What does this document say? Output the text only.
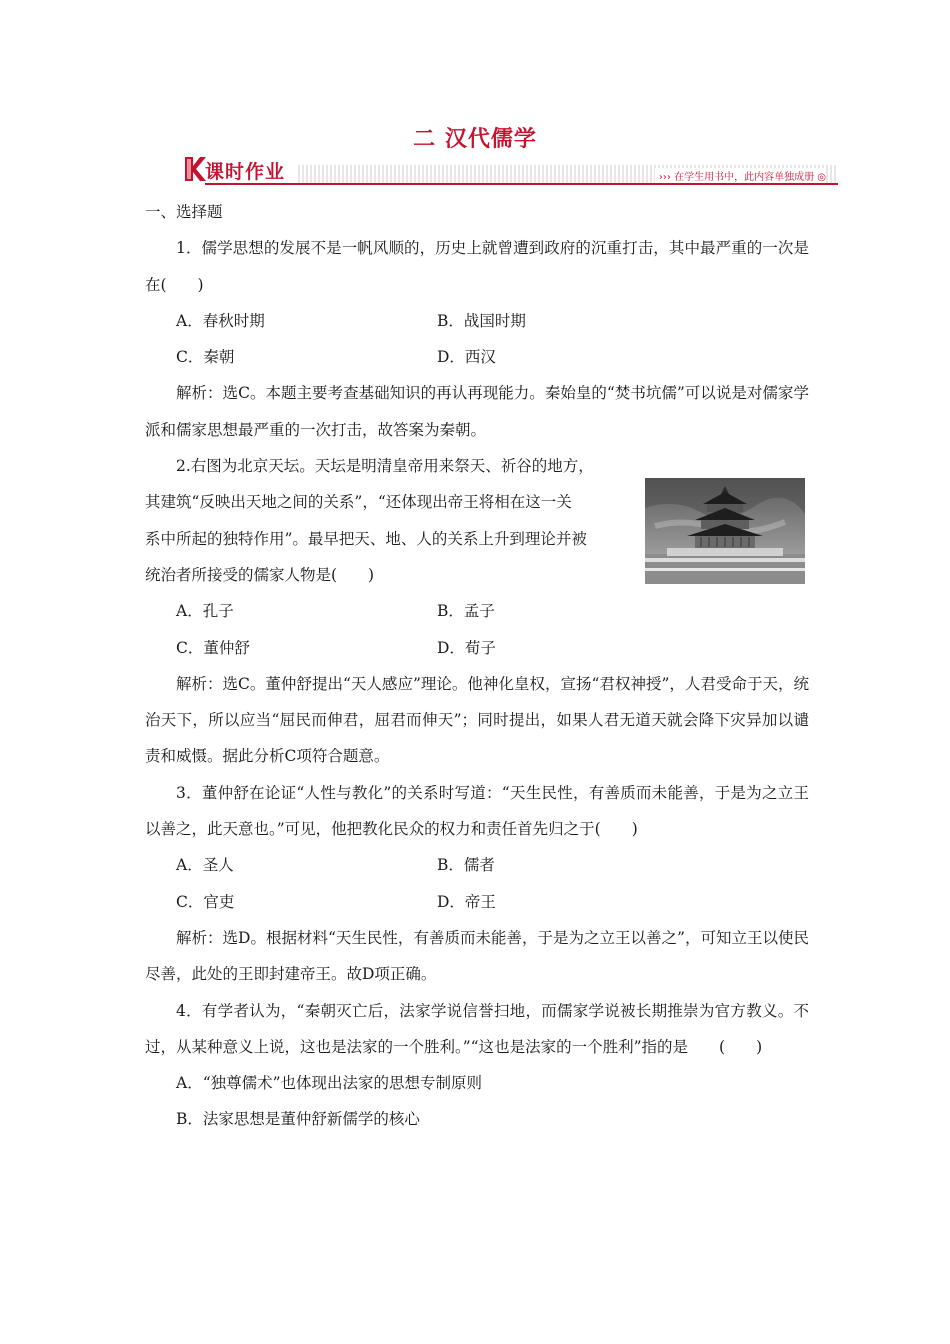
二 汉代儒学
课时作业	››› 在学生用书中，此内容单独成册 ◎

一、选择题

1．儒学思想的发展不是一帆风顺的，历史上就曾遭到政府的沉重打击，其中最严重的一次是在(　　)

A．春秋时期	B．战国时期
C．秦朝	D．西汉

解析：选C。本题主要考查基础知识的再认再现能力。秦始皇的“焚书坑儒”可以说是对儒家学派和儒家思想最严重的一次打击，故答案为秦朝。

2.右图为北京天坛。天坛是明清皇帝用来祭天、祈谷的地方，
其建筑“反映出天地之间的关系”，“还体现出帝王将相在这一关
系中所起的独特作用”。最早把天、地、人的关系上升到理论并被
统治者所接受的儒家人物是(　　)
A．孔子	B．孟子
C．董仲舒	D．荀子

解析：选C。董仲舒提出“天人感应”理论。他神化皇权，宣扬“君权神授”，人君受命于天，统治天下，所以应当“屈民而伸君，屈君而伸天”；同时提出，如果人君无道天就会降下灾异加以谴责和威慑。据此分析C项符合题意。

3．董仲舒在论证“人性与教化”的关系时写道：“天生民性，有善质而未能善，于是为之立王以善之，此天意也。”可见，他把教化民众的权力和责任首先归之于(　　)

A．圣人	B．儒者
C．官吏	D．帝王

解析：选D。根据材料“天生民性，有善质而未能善，于是为之立王以善之”，可知立王以使民尽善，此处的王即封建帝王。故D项正确。

4．有学者认为，“秦朝灭亡后，法家学说信誉扫地，而儒家学说被长期推崇为官方教义。不过，从某种意义上说，这也是法家的一个胜利。”“这也是法家的一个胜利”指的是　　(　　)

A．“独尊儒术”也体现出法家的思想专制原则

B．法家思想是董仲舒新儒学的核心
